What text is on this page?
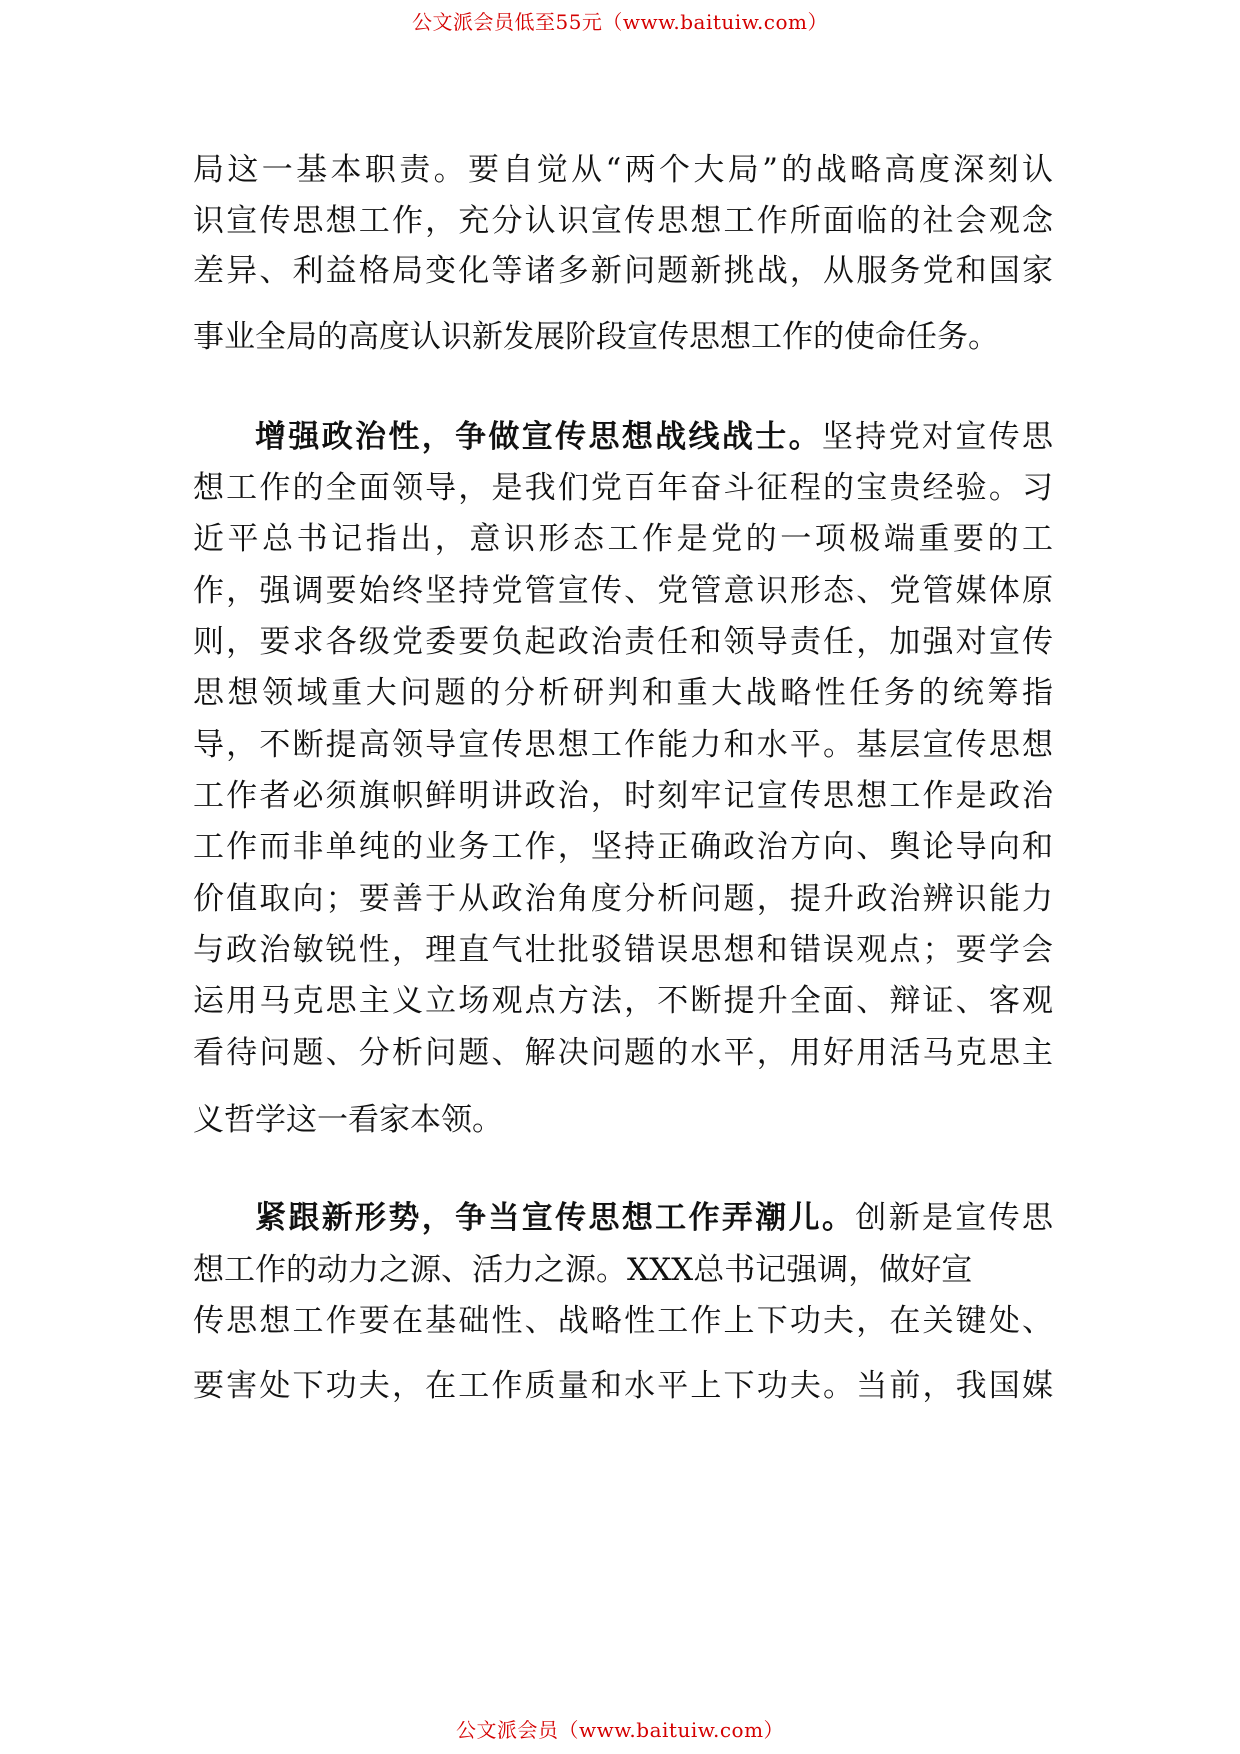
公文派会员低至55元（www.baituiw.com）
局这一基本职责。要自觉从“两个大局”的战略高度深刻认
识宣传思想工作，充分认识宣传思想工作所面临的社会观念
差异、利益格局变化等诸多新问题新挑战，从服务党和国家
事业全局的高度认识新发展阶段宣传思想工作的使命任务。
增强政治性，争做宣传思想战线战士。坚持党对宣传思
想工作的全面领导，是我们党百年奋斗征程的宝贵经验。习
近平总书记指出，意识形态工作是党的一项极端重要的工
作，强调要始终坚持党管宣传、党管意识形态、党管媒体原
则，要求各级党委要负起政治责任和领导责任，加强对宣传
思想领域重大问题的分析研判和重大战略性任务的统筹指
导，不断提高领导宣传思想工作能力和水平。基层宣传思想
工作者必须旗帜鲜明讲政治，时刻牢记宣传思想工作是政治
工作而非单纯的业务工作，坚持正确政治方向、舆论导向和
价值取向；要善于从政治角度分析问题，提升政治辨识能力
与政治敏锐性，理直气壮批驳错误思想和错误观点；要学会
运用马克思主义立场观点方法，不断提升全面、辩证、客观
看待问题、分析问题、解决问题的水平，用好用活马克思主
义哲学这一看家本领。
紧跟新形势，争当宣传思想工作弄潮儿。创新是宣传思
想工作的动力之源、活力之源。XXX总书记强调，做好宣
传思想工作要在基础性、战略性工作上下功夫，在关键处、
要害处下功夫，在工作质量和水平上下功夫。当前，我国媒
公文派会员（www.baituiw.com）
